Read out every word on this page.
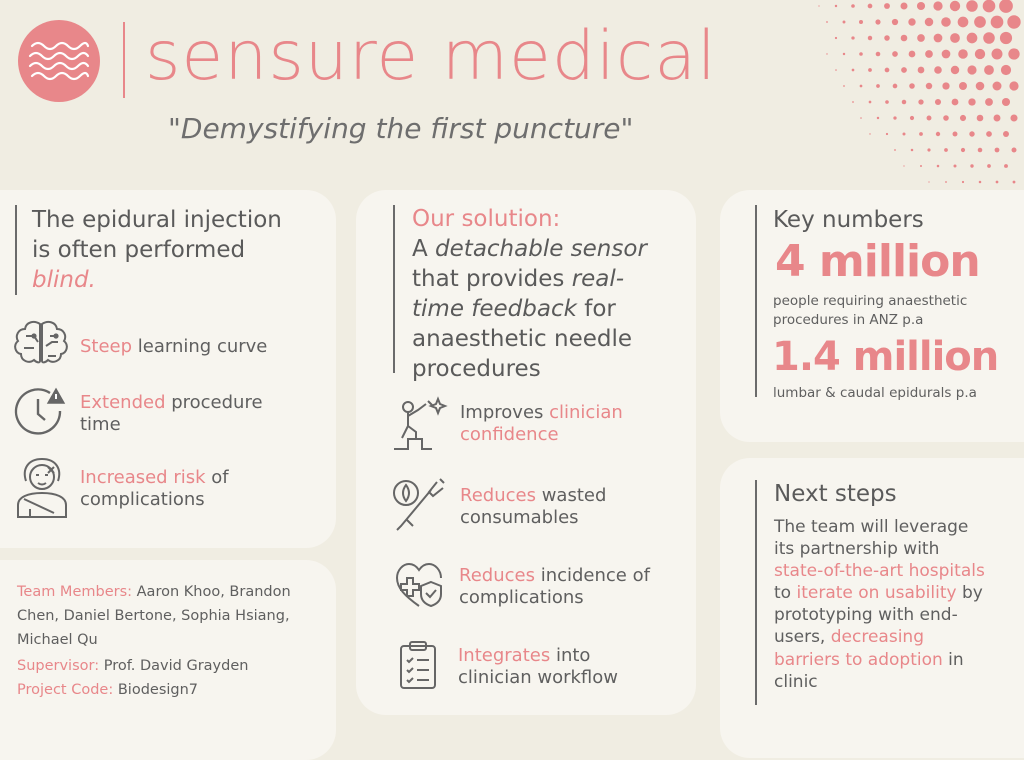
sensure medical
"Demystifying the first puncture"
The epidural injection
is often performed
blind.
Steep learning curve
Extended procedure time
Increased risk of complications
Team Members: Aaron Khoo, Brandon Chen, Daniel Bertone, Sophia Hsiang, Michael Qu
Supervisor: Prof. David Grayden
Project Code: Biodesign7
Our solution:
A detachable sensor that provides real-time feedback for anaesthetic needle procedures
Improves clinician confidence
Reduces wasted consumables
Reduces incidence of complications
Integrates into clinician workflow
Key numbers
4 million
people requiring anaesthetic procedures in ANZ p.a
1.4 million
lumbar & caudal epidurals p.a
Next steps
The team will leverage its partnership with state-of-the-art hospitals to iterate on usability by prototyping with end-users, decreasing barriers to adoption in clinic
